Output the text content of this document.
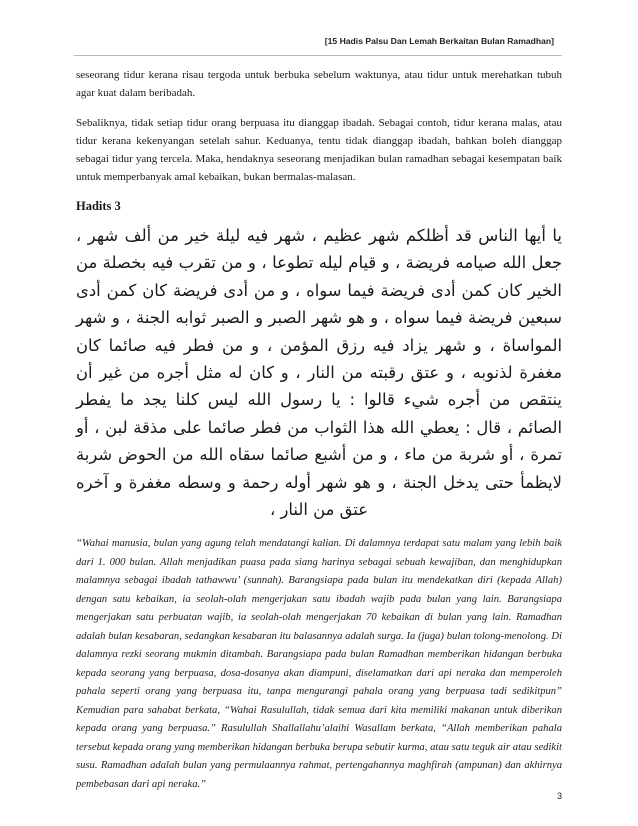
[15 Hadis Palsu Dan Lemah Berkaitan Bulan Ramadhan]

seseorang tidur kerana risau tergoda untuk berbuka sebelum waktunya, atau tidur untuk merehatkan tubuh agar kuat dalam beribadah.

Sebaliknya, tidak setiap tidur orang berpuasa itu dianggap ibadah. Sebagai contoh, tidur kerana malas, atau tidur kerana kekenyangan setelah sahur. Keduanya, tentu tidak dianggap ibadah, bahkan boleh dianggap sebagai tidur yang tercela. Maka, hendaknya seseorang menjadikan bulan ramadhan sebagai kesempatan baik untuk memperbanyak amal kebaikan, bukan bermalas-malasan.

Hadits 3

يا أيها الناس قد أظلكم شهر عظيم ، شهر فيه ليلة خير من ألف شهر ، جعل الله صيامه فريضة ، و قيام ليله تطوعا ، و من تقرب فيه بخصلة من الخير كان كمن أدى فريضة فيما سواه ، و من أدى فريضة كان كمن أدى سبعين فريضة فيما سواه ، و هو شهر الصبر و الصبر ثوابه الجنة ، و شهر المواساة ، و شهر يزاد فيه رزق المؤمن ، و من فطر فيه صائما كان مغفرة لذنوبه ، و عتق رقبته من النار ، و كان له مثل أجره من غير أن ينتقص من أجره شيء قالوا : يا رسول الله ليس كلنا يجد ما يفطر الصائم ، قال : يعطي الله هذا الثواب من فطر صائما على مذقة لبن ، أو تمرة ، أو شربة من ماء ، و من أشبع صائما سقاه الله من الحوض شربة لايظمأ حتى يدخل الجنة ، و هو شهر أوله رحمة و وسطه مغفرة و آخره عتق من النار ،

“Wahai manusia, bulan yang agung telah mendatangi kalian. Di dalamnya terdapat satu malam yang lebih baik dari 1. 000 bulan. Allah menjadikan puasa pada siang harinya sebagai sebuah kewajiban, dan menghidupkan malamnya sebagai ibadah tathawwu’ (sunnah). Barangsiapa pada bulan itu mendekatkan diri (kepada Allah) dengan satu kebaikan, ia seolah-olah mengerjakan satu ibadah wajib pada bulan yang lain. Barangsiapa mengerjakan satu perbuatan wajib, ia seolah-olah mengerjakan 70 kebaikan di bulan yang lain. Ramadhan adalah bulan kesabaran, sedangkan kesabaran itu balasannya adalah surga. Ia (juga) bulan tolong-menolong. Di dalamnya rezki seorang mukmin ditambah. Barangsiapa pada bulan Ramadhan memberikan hidangan berbuka kepada seorang yang berpuasa, dosa-dosanya akan diampuni, diselamatkan dari api neraka dan memperoleh pahala seperti orang yang berpuasa itu, tanpa mengurangi pahala orang yang berpuasa tadi sedikitpun” Kemudian para sahabat berkata, “Wahai Rasulullah, tidak semua dari kita memiliki makanan untuk diberikan kepada orang yang berpuasa.” Rasulullah Shallallahu’alaihi Wasallam berkata, “Allah memberikan pahala tersebut kepada orang yang memberikan hidangan berbuka berupa sebutir kurma, atau satu teguk air atau sedikit susu. Ramadhan adalah bulan yang permulaannya rahmat, pertengahannya maghfirah (ampunan) dan akhirnya pembebasan dari api neraka.”

3
